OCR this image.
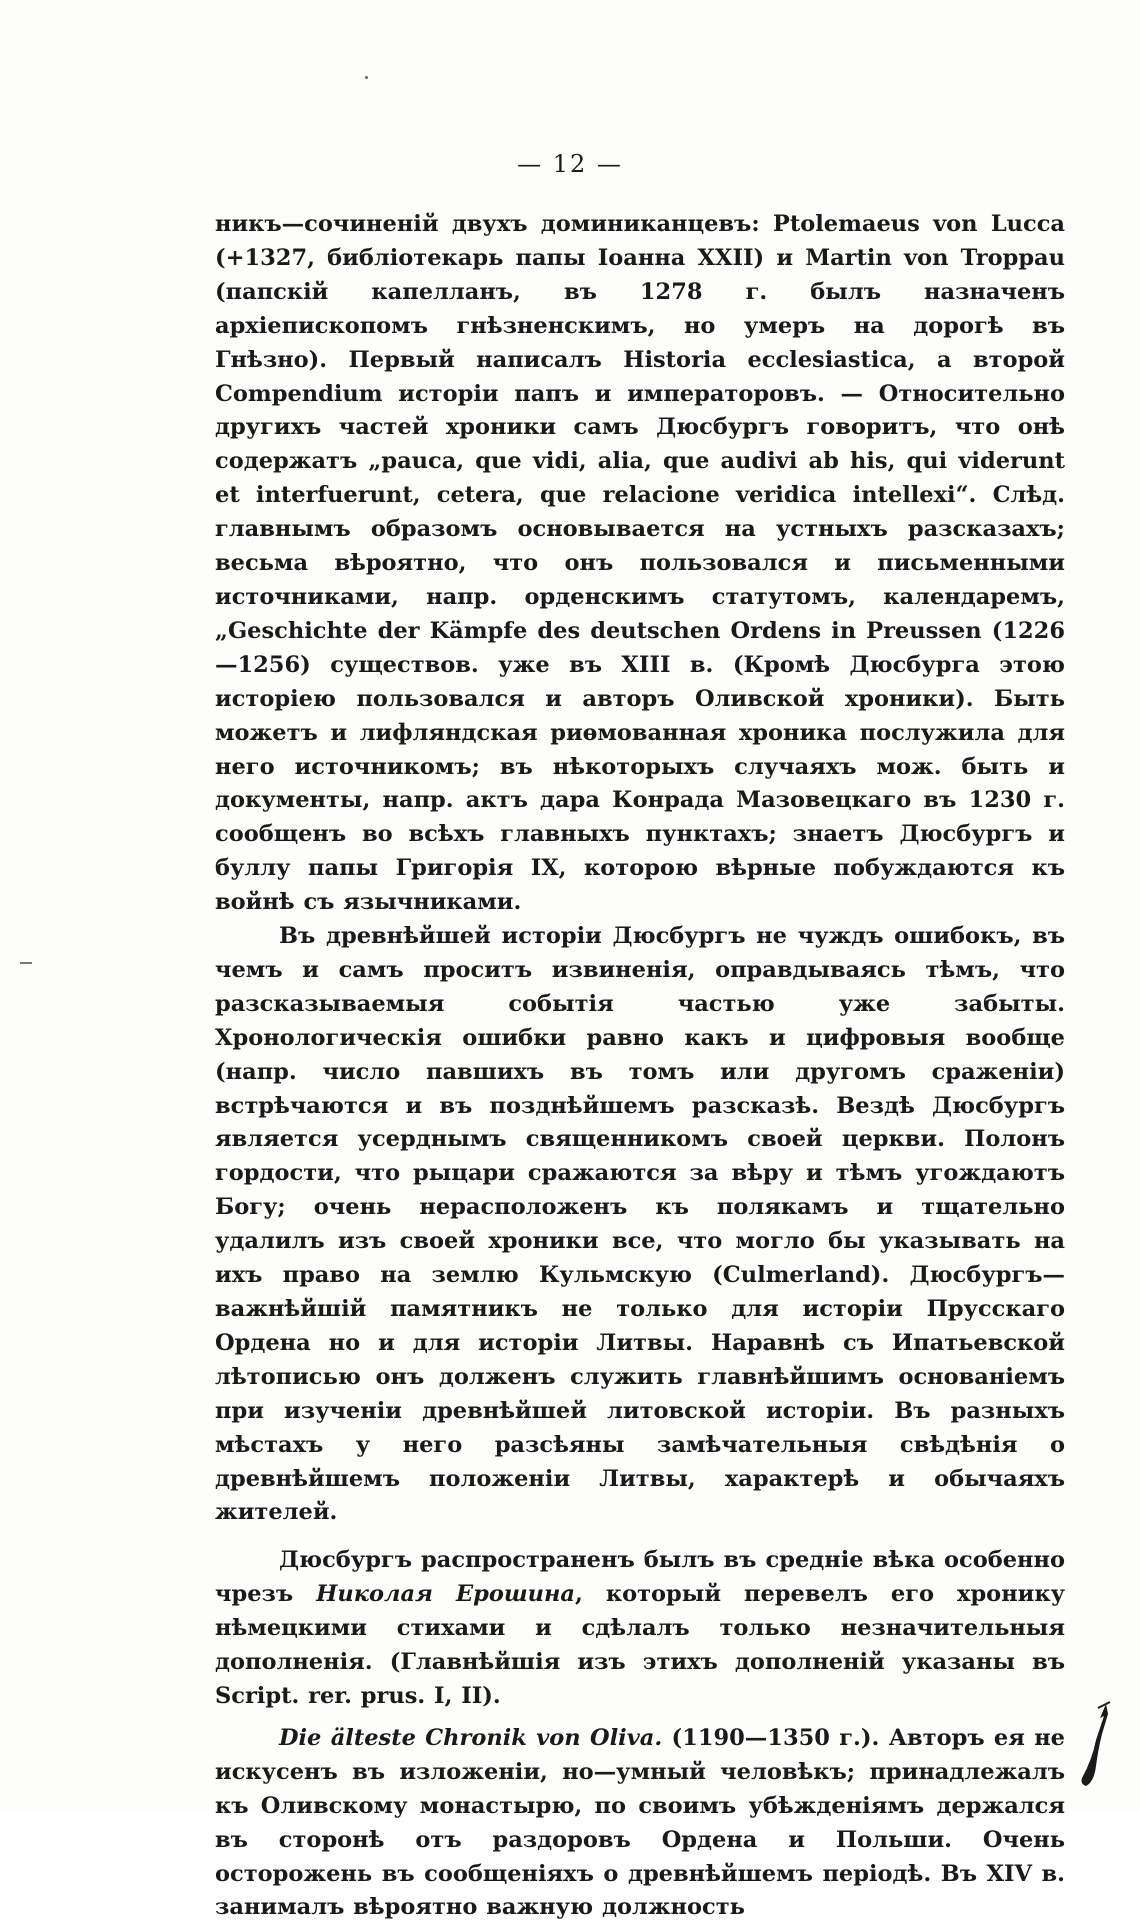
— 12 —

никъ—сочиненій двухъ доминиканцевъ: Ptolemaeus von Lucca (+1327, библіотекарь папы Іоанна XXII) и Martin von Troppau (папскій капелланъ, въ 1278 г. былъ назначенъ архіепископомъ гнѣзненскимъ, но умеръ на дорогѣ въ Гнѣзно). Первый написалъ Historia ecclesiastica, а второй Compendium исторіи папъ и императоровъ. — Относительно другихъ частей хроники самъ Дюсбургъ говоритъ, что онѣ содержатъ „pauca, que vidi, alia, que audivi ab his, qui viderunt et interfuerunt, cetera, que relacione veridica intellexi“. Слѣд. главнымъ образомъ основывается на устныхъ разсказахъ; весьма вѣроятно, что онъ пользовался и письменными источниками, напр. орденскимъ статутомъ, календаремъ, „Geschichte der Kämpfe des deutschen Ordens in Preussen (1226—1256) существов. уже въ XIII в. (Кромѣ Дюсбурга этою исторіею пользовался и авторъ Оливской хроники). Быть можетъ и лифляндская риѳмованная хроника послужила для него источникомъ; въ нѣкоторыхъ случаяхъ мож. быть и документы, напр. актъ дара Конрада Мазовецкаго въ 1230 г. сообщенъ во всѣхъ главныхъ пунктахъ; знаетъ Дюсбургъ и буллу папы Григорія IX, которою вѣрные побуждаются къ войнѣ съ язычниками.

Въ древнѣйшей исторіи Дюсбургъ не чуждъ ошибокъ, въ чемъ и самъ проситъ извиненія, оправдываясь тѣмъ, что разсказываемыя событія частью уже забыты. Хронологическія ошибки равно какъ и цифровыя вообще (напр. число павшихъ въ томъ или другомъ сраженіи) встрѣчаются и въ позднѣйшемъ разсказѣ. Вездѣ Дюсбургъ является усерднымъ священникомъ своей церкви. Полонъ гордости, что рыцари сражаются за вѣру и тѣмъ угождаютъ Богу; очень нерасположенъ къ полякамъ и тщательно удалилъ изъ своей хроники все, что могло бы указывать на ихъ право на землю Кульмскую (Culmerland). Дюсбургъ—важнѣйшій памятникъ не только для исторіи Прусскаго Ордена но и для исторіи Литвы. Наравнѣ съ Ипатьевской лѣтописью онъ долженъ служить главнѣйшимъ основаніемъ при изученіи древнѣйшей литовской исторіи. Въ разныхъ мѣстахъ у него разсѣяны замѣчательныя свѣдѣнія о древнѣйшемъ положеніи Литвы, характерѣ и обычаяхъ жителей.

Дюсбургъ распространенъ былъ въ средніе вѣка особенно чрезъ Николая Ерошина, который перевелъ его хронику нѣмецкими стихами и сдѣлалъ только незначительныя дополненія. (Главнѣйшія изъ этихъ дополненій указаны въ Script. rer. prus. I, II).

Die älteste Chronik von Oliva. (1190—1350 г.). Авторъ ея не искусенъ въ изложеніи, но—умный человѣкъ; принадлежалъ къ Оливскому монастырю, по своимъ убѣжденіямъ держался въ сторонѣ отъ раздоровъ Ордена и Польши. Очень осторожень въ сообщеніяхъ о древнѣйшемъ періодѣ. Въ XIV в. занималъ вѣроятно важную должность
